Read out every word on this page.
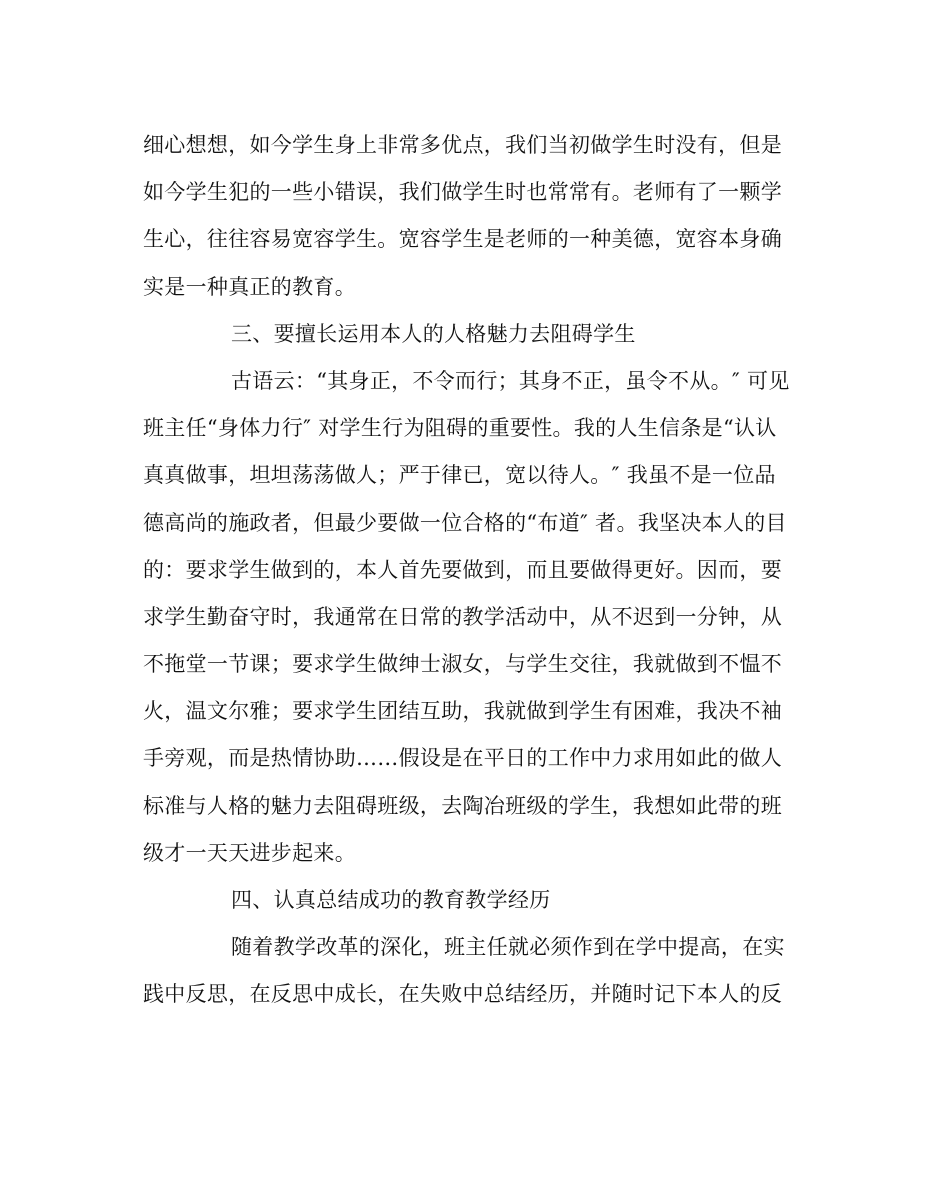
细心想想，如今学生身上非常多优点，我们当初做学生时没有，但是
如今学生犯的一些小错误，我们做学生时也常常有。老师有了一颗学
生心，往往容易宽容学生。宽容学生是老师的一种美德，宽容本身确
实是一种真正的教育。
三、要擅长运用本人的人格魅力去阻碍学生
古语云：“其身正，不令而行；其身不正，虽令不从。″ 可见
班主任“身体力行″ 对学生行为阻碍的重要性。我的人生信条是“认认
真真做事，坦坦荡荡做人；严于律已，宽以待人。″ 我虽不是一位品
德高尚的施政者，但最少要做一位合格的“布道″ 者。我坚决本人的目
的：要求学生做到的，本人首先要做到，而且要做得更好。因而，要
求学生勤奋守时，我通常在日常的教学活动中，从不迟到一分钟，从
不拖堂一节课；要求学生做绅士淑女，与学生交往，我就做到不愠不
火，温文尔雅；要求学生团结互助，我就做到学生有困难，我决不袖
手旁观，而是热情协助……假设是在平日的工作中力求用如此的做人
标准与人格的魅力去阻碍班级，去陶冶班级的学生，我想如此带的班
级才一天天进步起来。
四、认真总结成功的教育教学经历
随着教学改革的深化，班主任就必须作到在学中提高，在实
践中反思，在反思中成长，在失败中总结经历，并随时记下本人的反
